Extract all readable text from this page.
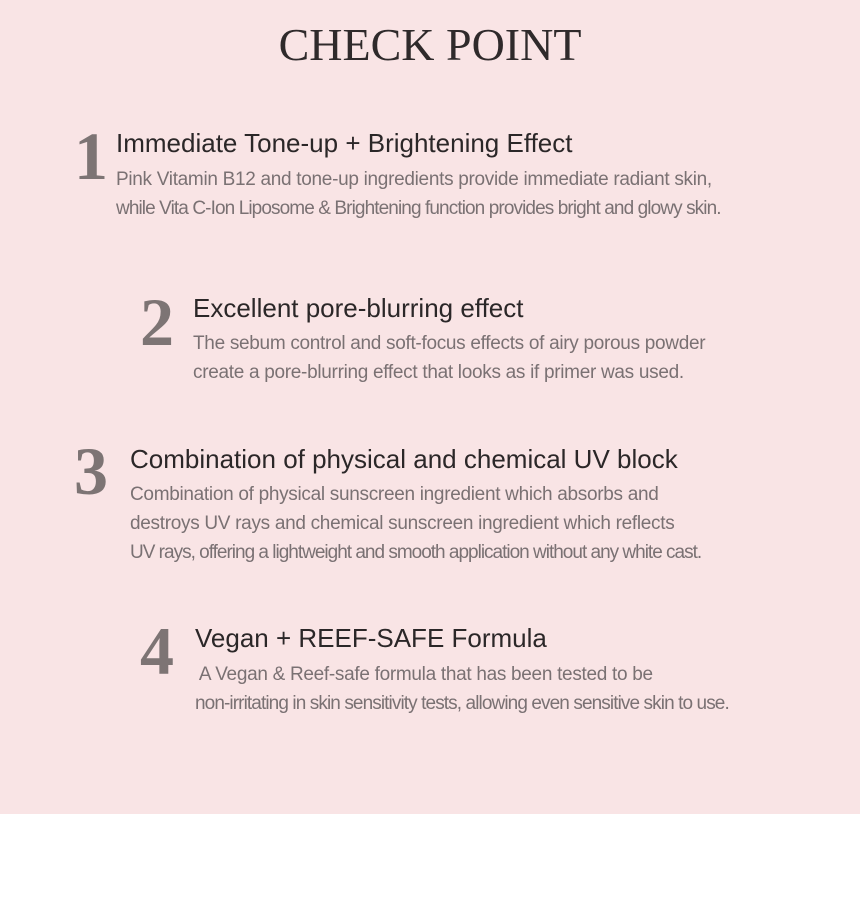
CHECK POINT
1 Immediate Tone-up + Brightening Effect

Pink Vitamin B12 and tone-up ingredients provide immediate radiant skin,
while Vita C-Ion Liposome & Brightening function provides bright and glowy skin.

2 Excellent pore-blurring effect

The sebum control and soft-focus effects of airy porous powder
create a pore-blurring effect that looks as if primer was used.

3 Combination of physical and chemical UV block

Combination of physical sunscreen ingredient which absorbs and
destroys UV rays and chemical sunscreen ingredient which reflects
UV rays, offering a lightweight and smooth application without any white cast.

4 Vegan + REEF-SAFE Formula

A Vegan & Reef-safe formula that has been tested to be
non-irritating in skin sensitivity tests, allowing even sensitive skin to use.
